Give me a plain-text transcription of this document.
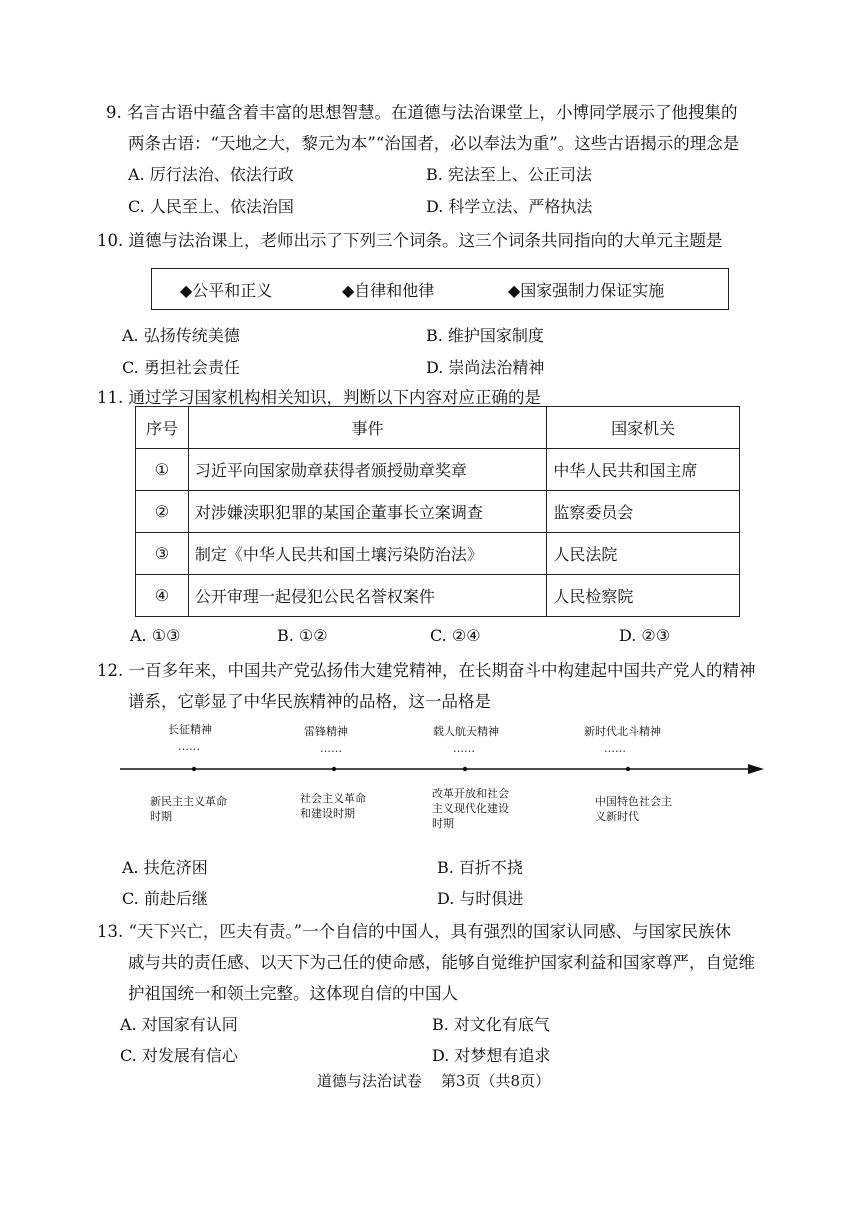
9. 名言古语中蕴含着丰富的思想智慧。在道德与法治课堂上，小博同学展示了他搜集的
两条古语：“天地之大，黎元为本”“治国者，必以奉法为重”。这些古语揭示的理念是
A. 厉行法治、依法行政	B. 宪法至上、公正司法
C. 人民至上、依法治国	D. 科学立法、严格执法
10. 道德与法治课上，老师出示了下列三个词条。这三个词条共同指向的大单元主题是
◆公平和正义	◆自律和他律	◆国家强制力保证实施
A. 弘扬传统美德	B. 维护国家制度
C. 勇担社会责任	D. 崇尚法治精神
11. 通过学习国家机构相关知识，判断以下内容对应正确的是
序号	事件	国家机关
①	习近平向国家勋章获得者颁授勋章奖章	中华人民共和国主席
②	对涉嫌渎职犯罪的某国企董事长立案调查	监察委员会
③	制定《中华人民共和国土壤污染防治法》	人民法院
④	公开审理一起侵犯公民名誉权案件	人民检察院
A. ①③	B. ①②	C. ②④	D. ②③
12. 一百多年来，中国共产党弘扬伟大建党精神，在长期奋斗中构建起中国共产党人的精神
谱系，它彰显了中华民族精神的品格，这一品格是
长征精神	雷锋精神	载人航天精神	新时代北斗精神
……	……	……	……
新民主主义革命
时期
社会主义革命
和建设时期
改革开放和社会
主义现代化建设
时期
中国特色社会主
义新时代
A. 扶危济困	B. 百折不挠
C. 前赴后继	D. 与时俱进
13. “天下兴亡，匹夫有责。”一个自信的中国人，具有强烈的国家认同感、与国家民族休
戚与共的责任感、以天下为己任的使命感，能够自觉维护国家利益和国家尊严，自觉维
护祖国统一和领土完整。这体现自信的中国人
A. 对国家有认同	B. 对文化有底气
C. 对发展有信心	D. 对梦想有追求
道德与法治试卷    第3页（共8页）
